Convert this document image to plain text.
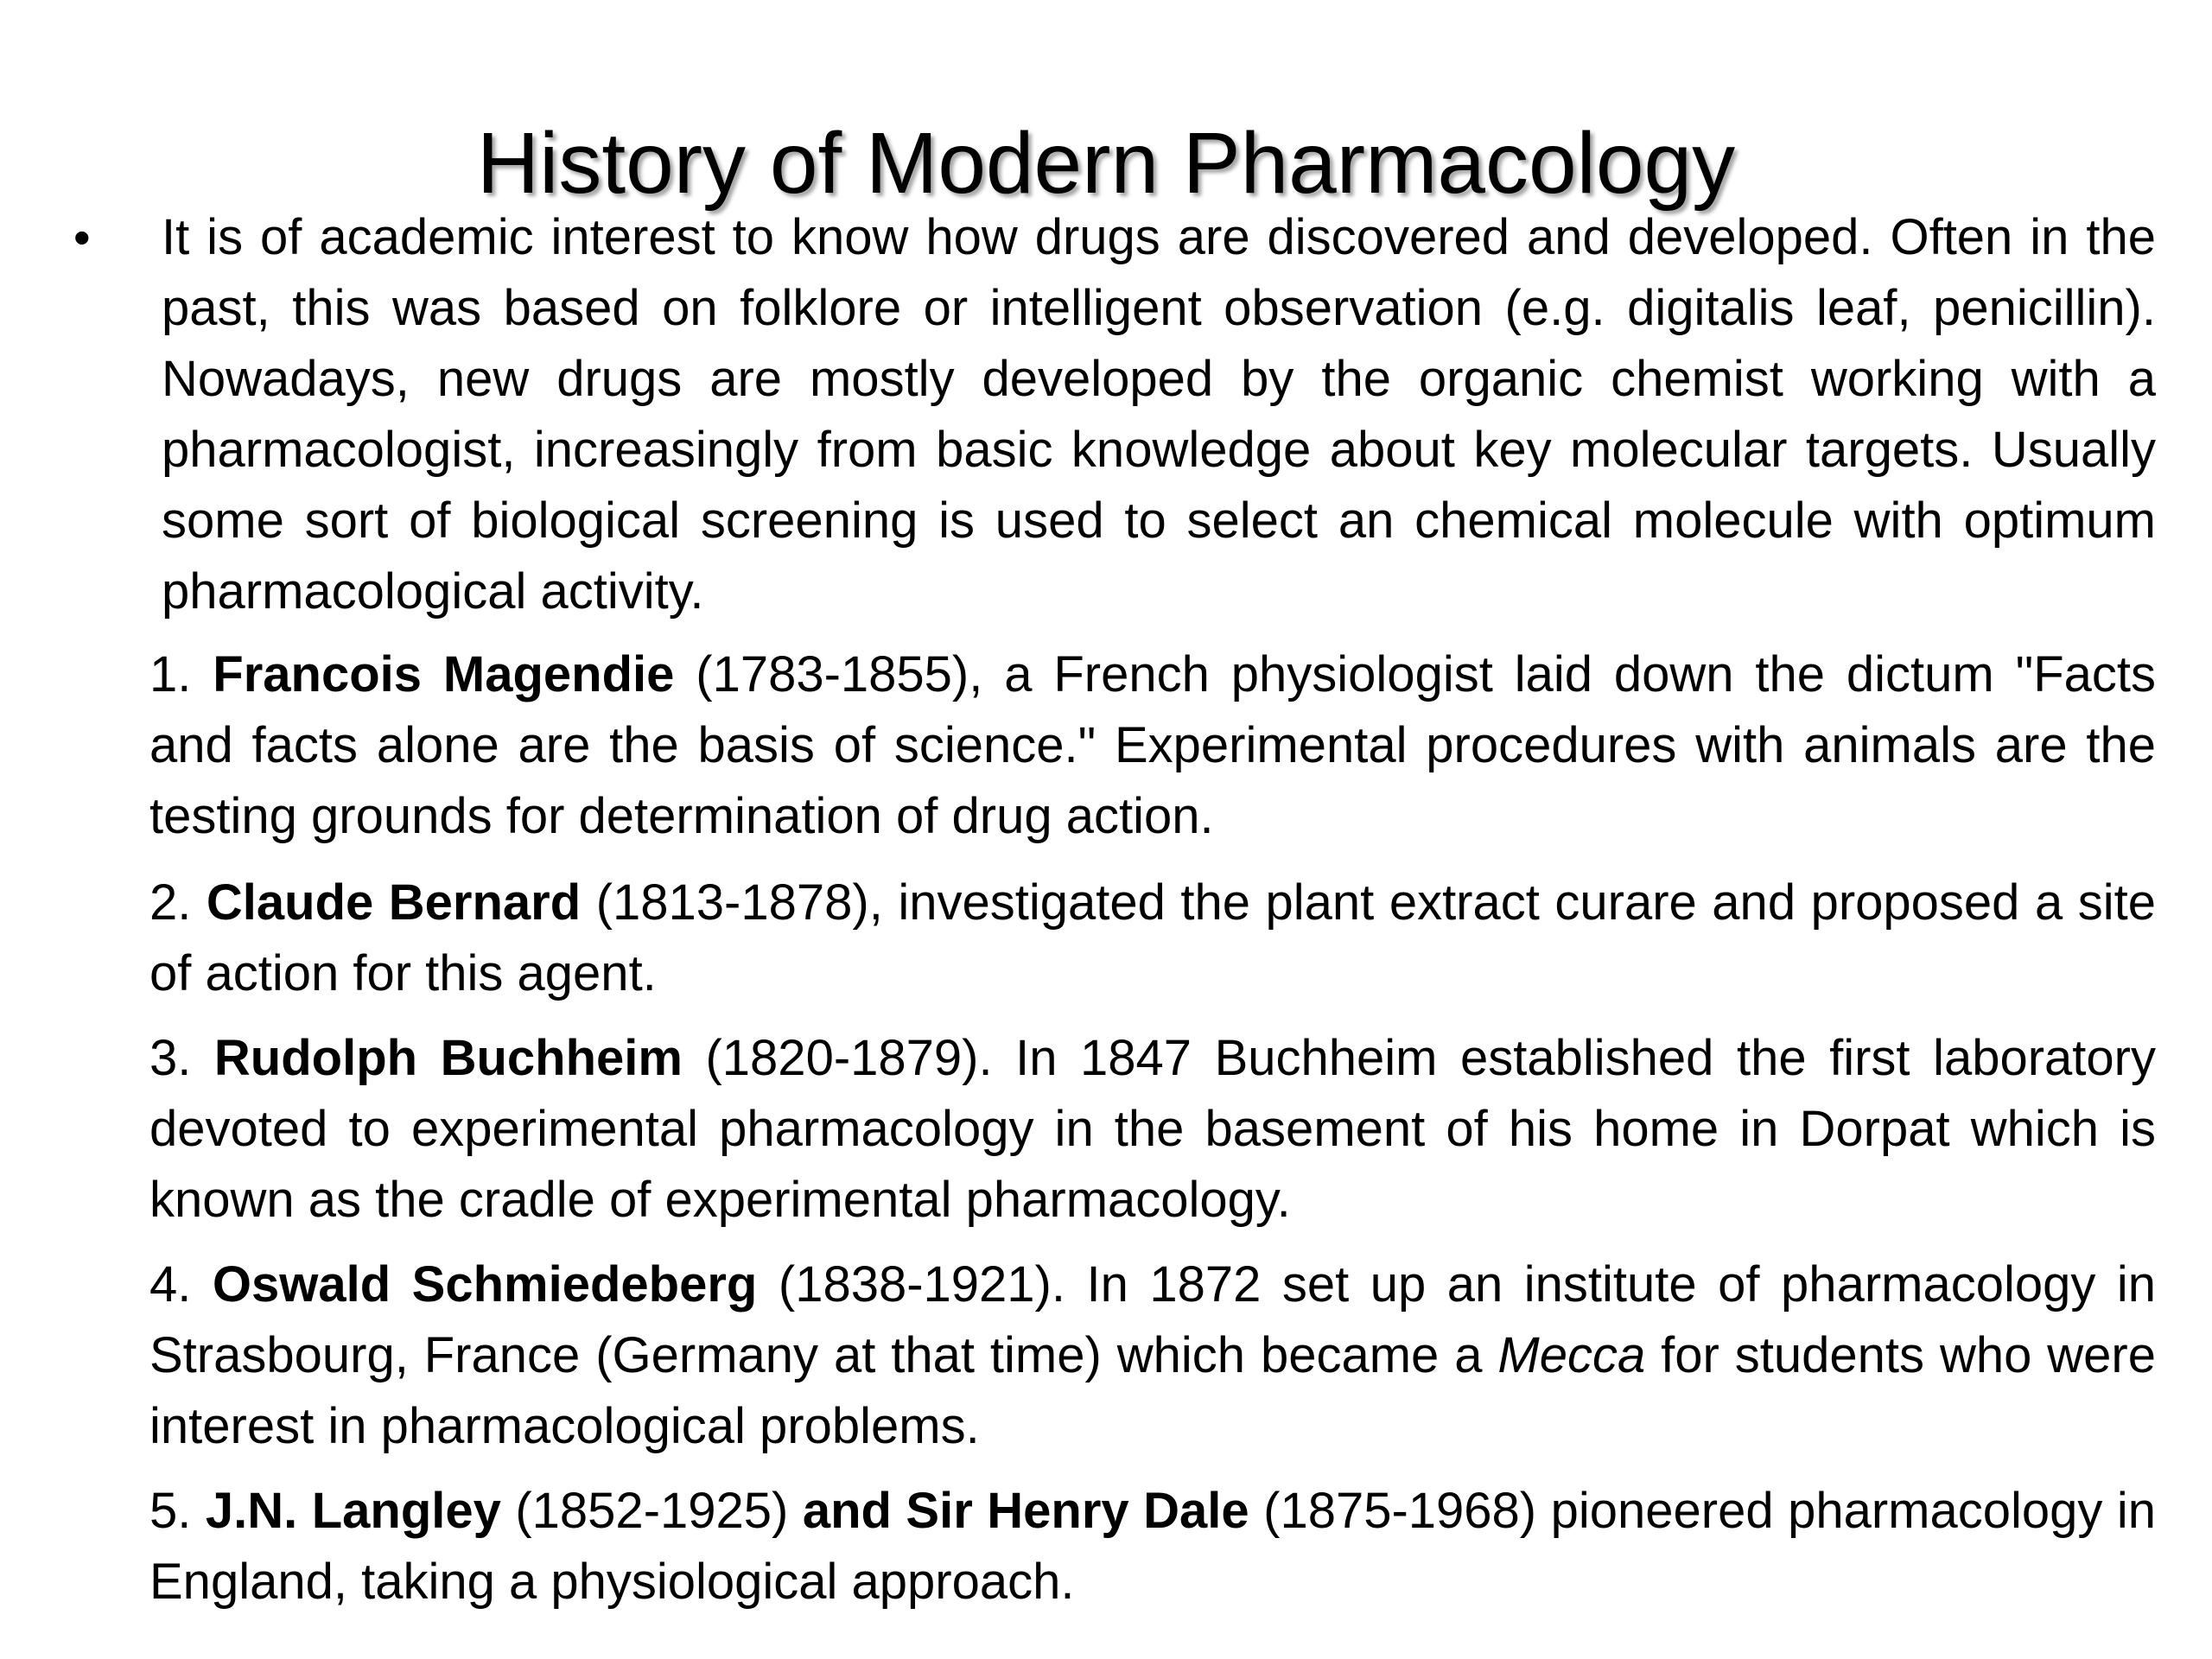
History of Modern Pharmacology
•	It is of academic interest to know how drugs are discovered and developed. Often in the past, this was based on folklore or intelligent observation (e.g. digitalis leaf, penicillin). Nowadays, new drugs are mostly developed by the organic chemist working with a pharmacologist, increasingly from basic knowledge about key molecular targets. Usually some sort of biological screening is used to select an chemical molecule with optimum pharmacological activity.

1. Francois Magendie (1783-1855), a French physiologist laid down the dictum "Facts and facts alone are the basis of science." Experimental procedures with animals are the testing grounds for determination of drug action.

2. Claude Bernard (1813-1878), investigated the plant extract curare and proposed a site of action for this agent.

3. Rudolph Buchheim (1820-1879). In 1847 Buchheim established the first laboratory devoted to experimental pharmacology in the basement of his home in Dorpat which is known as the cradle of experimental pharmacology.

4. Oswald Schmiedeberg (1838-1921). In 1872 set up an institute of pharmacology in Strasbourg, France (Germany at that time) which became a Mecca for students who were interest in pharmacological problems.

5. J.N. Langley (1852-1925) and Sir Henry Dale (1875-1968) pioneered pharmacology in England, taking a physiological approach.
